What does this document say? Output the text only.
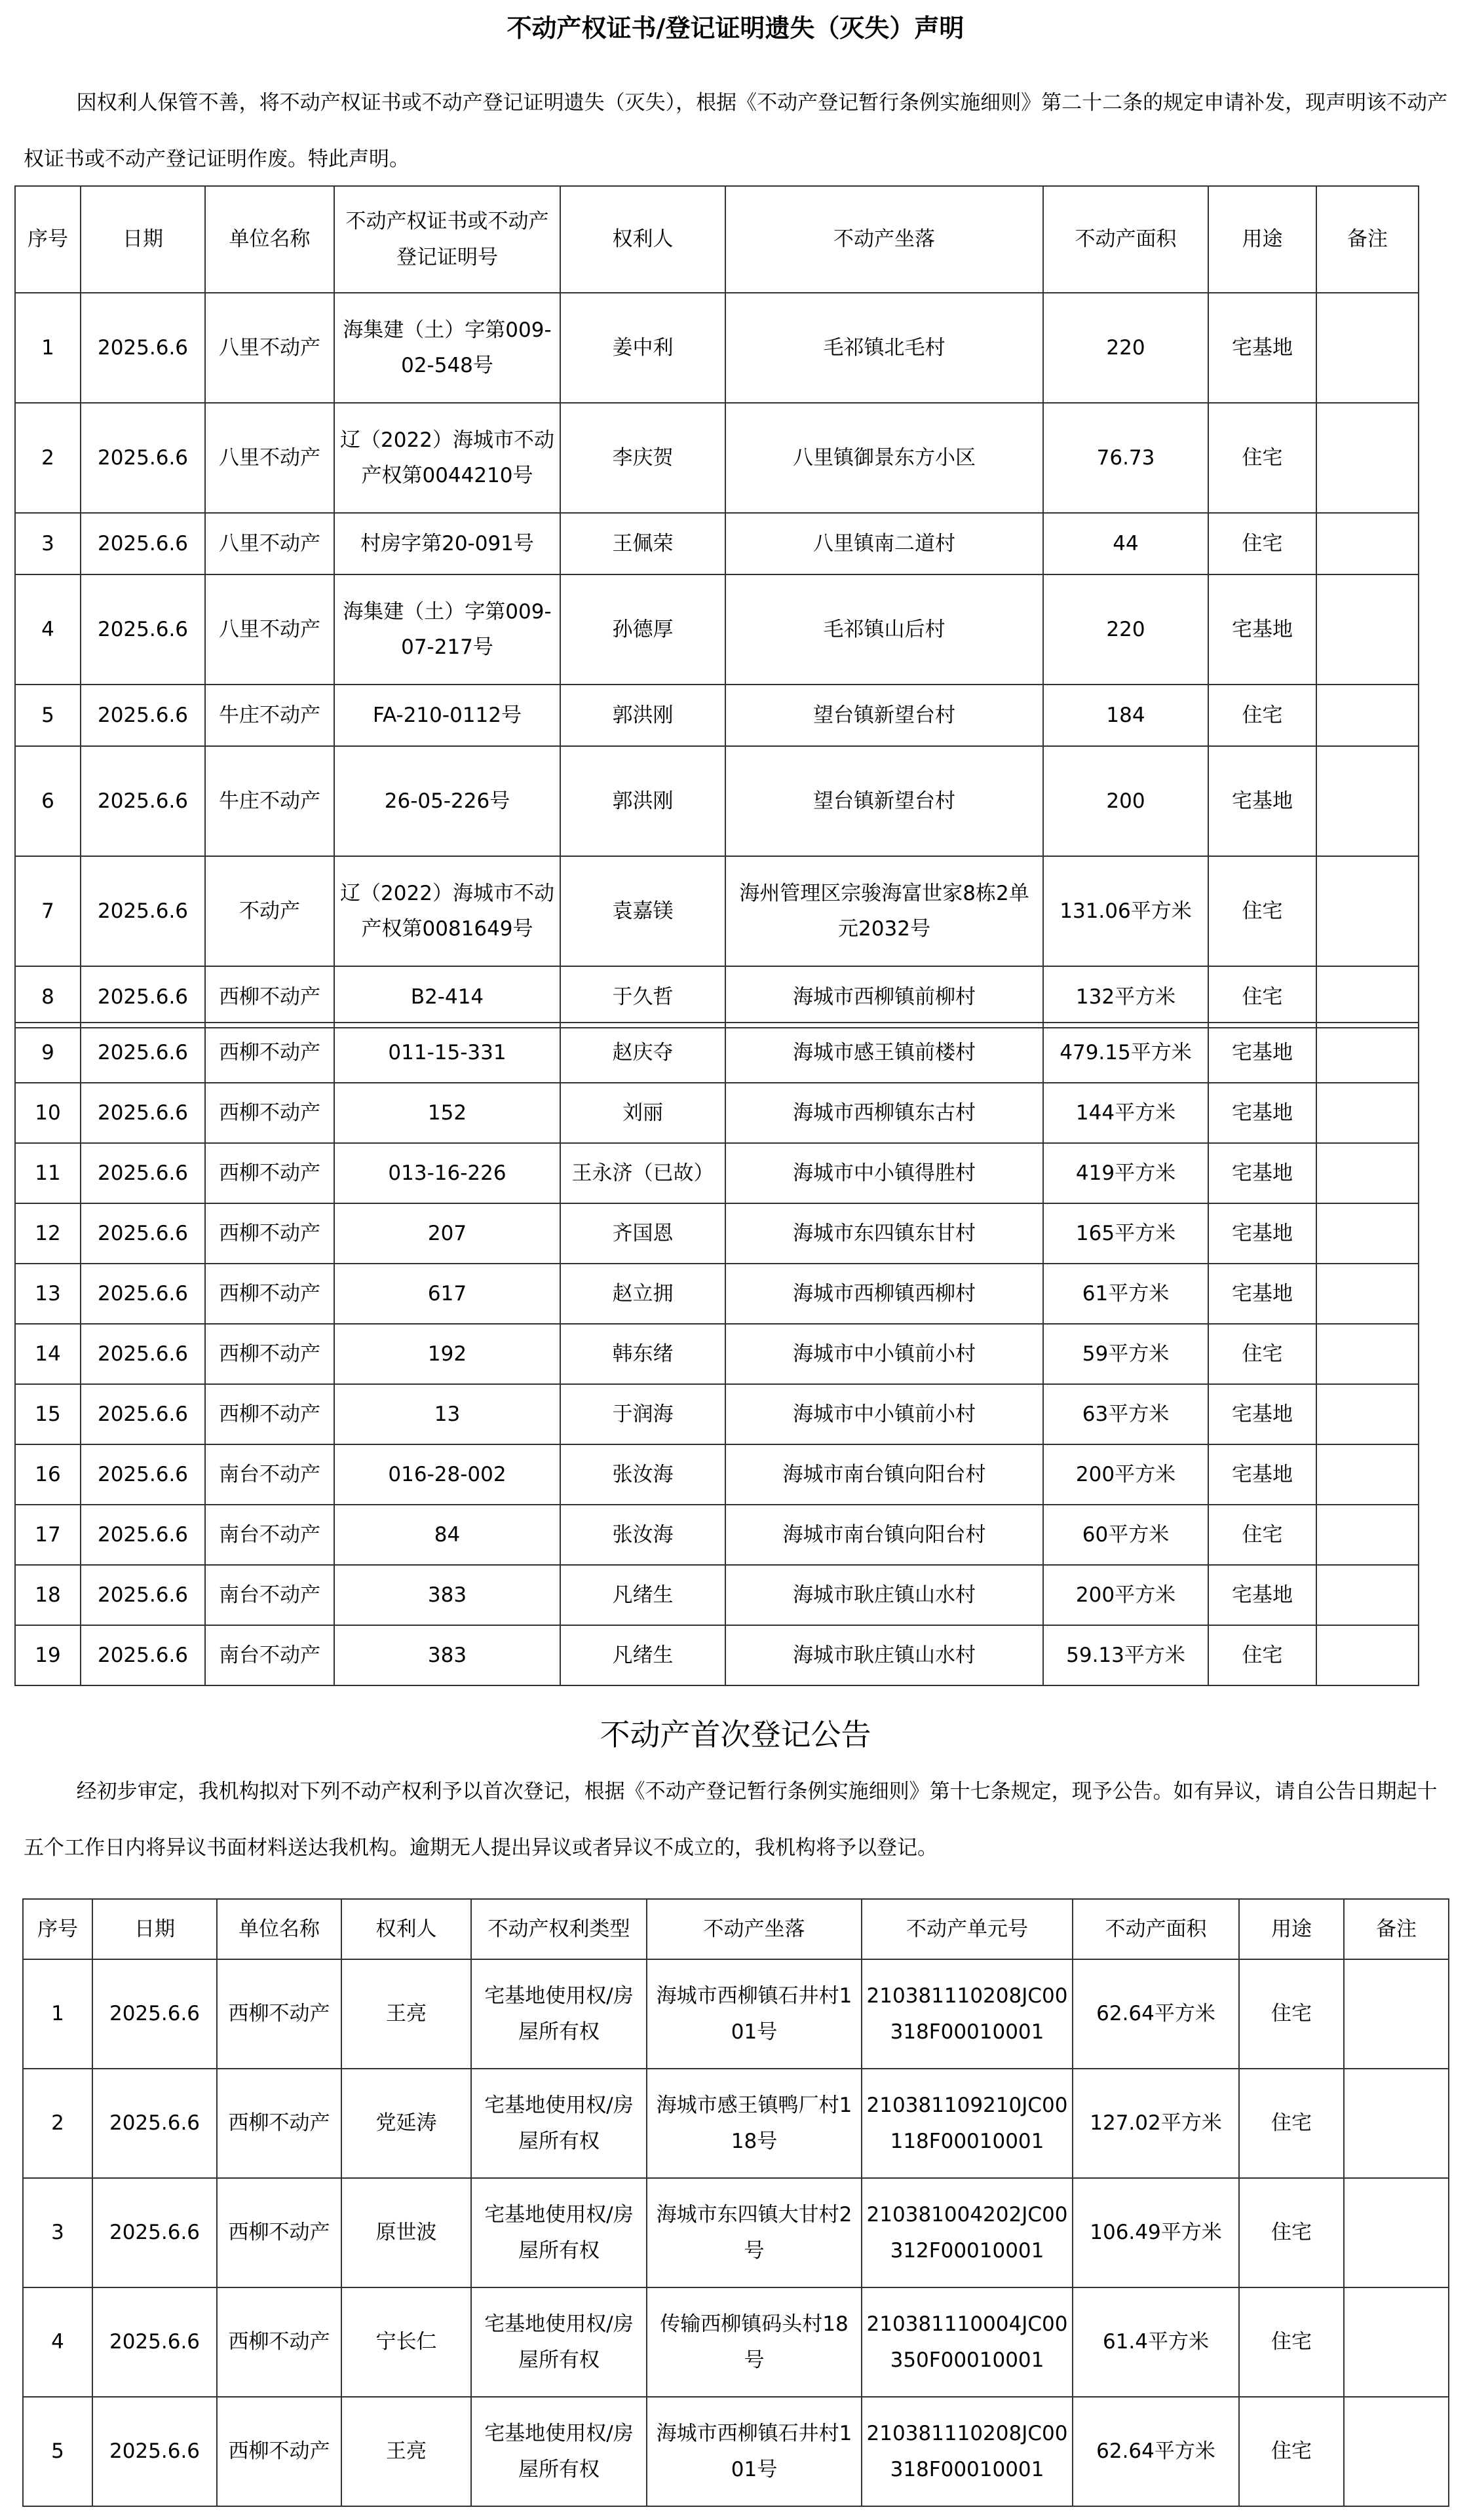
不动产权证书/登记证明遗失（灭失）声明

因权利人保管不善，将不动产权证书或不动产登记证明遗失（灭失），根据《不动产登记暂行条例实施细则》第二十二条的规定申请补发，现声明该不动产权证书或不动产登记证明作废。特此声明。

序号	日期	单位名称	不动产权证书或不动产登记证明号	权利人	不动产坐落	不动产面积	用途	备注
1	2025.6.6	八里不动产	海集建（土）字第009-02-548号	姜中利	毛祁镇北毛村	220	宅基地	
2	2025.6.6	八里不动产	辽（2022）海城市不动产权第0044210号	李庆贺	八里镇御景东方小区	76.73	住宅	
3	2025.6.6	八里不动产	村房字第20-091号	王佩荣	八里镇南二道村	44	住宅	
4	2025.6.6	八里不动产	海集建（土）字第009-07-217号	孙德厚	毛祁镇山后村	220	宅基地	
5	2025.6.6	牛庄不动产	FA-210-0112号	郭洪刚	望台镇新望台村	184	住宅	
6	2025.6.6	牛庄不动产	26-05-226号	郭洪刚	望台镇新望台村	200	宅基地	
7	2025.6.6	不动产	辽（2022）海城市不动产权第0081649号	袁嘉镁	海州管理区宗骏海富世家8栋2单元2032号	131.06平方米	住宅	
8	2025.6.6	西柳不动产	B2-414	于久哲	海城市西柳镇前柳村	132平方米	住宅	
9	2025.6.6	西柳不动产	011-15-331	赵庆夺	海城市感王镇前楼村	479.15平方米	宅基地	
10	2025.6.6	西柳不动产	152	刘丽	海城市西柳镇东古村	144平方米	宅基地	
11	2025.6.6	西柳不动产	013-16-226	王永济（已故）	海城市中小镇得胜村	419平方米	宅基地	
12	2025.6.6	西柳不动产	207	齐国恩	海城市东四镇东甘村	165平方米	宅基地	
13	2025.6.6	西柳不动产	617	赵立拥	海城市西柳镇西柳村	61平方米	宅基地	
14	2025.6.6	西柳不动产	192	韩东绪	海城市中小镇前小村	59平方米	住宅	
15	2025.6.6	西柳不动产	13	于润海	海城市中小镇前小村	63平方米	宅基地	
16	2025.6.6	南台不动产	016-28-002	张汝海	海城市南台镇向阳台村	200平方米	宅基地	
17	2025.6.6	南台不动产	84	张汝海	海城市南台镇向阳台村	60平方米	住宅	
18	2025.6.6	南台不动产	383	凡绪生	海城市耿庄镇山水村	200平方米	宅基地	
19	2025.6.6	南台不动产	383	凡绪生	海城市耿庄镇山水村	59.13平方米	住宅	
不动产首次登记公告

经初步审定，我机构拟对下列不动产权利予以首次登记，根据《不动产登记暂行条例实施细则》第十七条规定，现予公告。如有异议，请自公告日期起十五个工作日内将异议书面材料送达我机构。逾期无人提出异议或者异议不成立的，我机构将予以登记。

序号	日期	单位名称	权利人	不动产权利类型	不动产坐落	不动产单元号	不动产面积	用途	备注
1	2025.6.6	西柳不动产	王亮	宅基地使用权/房屋所有权	海城市西柳镇石井村101号	210381110208JC00318F00010001	62.64平方米	住宅	
2	2025.6.6	西柳不动产	党延涛	宅基地使用权/房屋所有权	海城市感王镇鸭厂村118号	210381109210JC00118F00010001	127.02平方米	住宅	
3	2025.6.6	西柳不动产	原世波	宅基地使用权/房屋所有权	海城市东四镇大甘村2号	210381004202JC00312F00010001	106.49平方米	住宅	
4	2025.6.6	西柳不动产	宁长仁	宅基地使用权/房屋所有权	传输西柳镇码头村18号	210381110004JC00350F00010001	61.4平方米	住宅	
5	2025.6.6	西柳不动产	王亮	宅基地使用权/房屋所有权	海城市西柳镇石井村101号	210381110208JC00318F00010001	62.64平方米	住宅	
